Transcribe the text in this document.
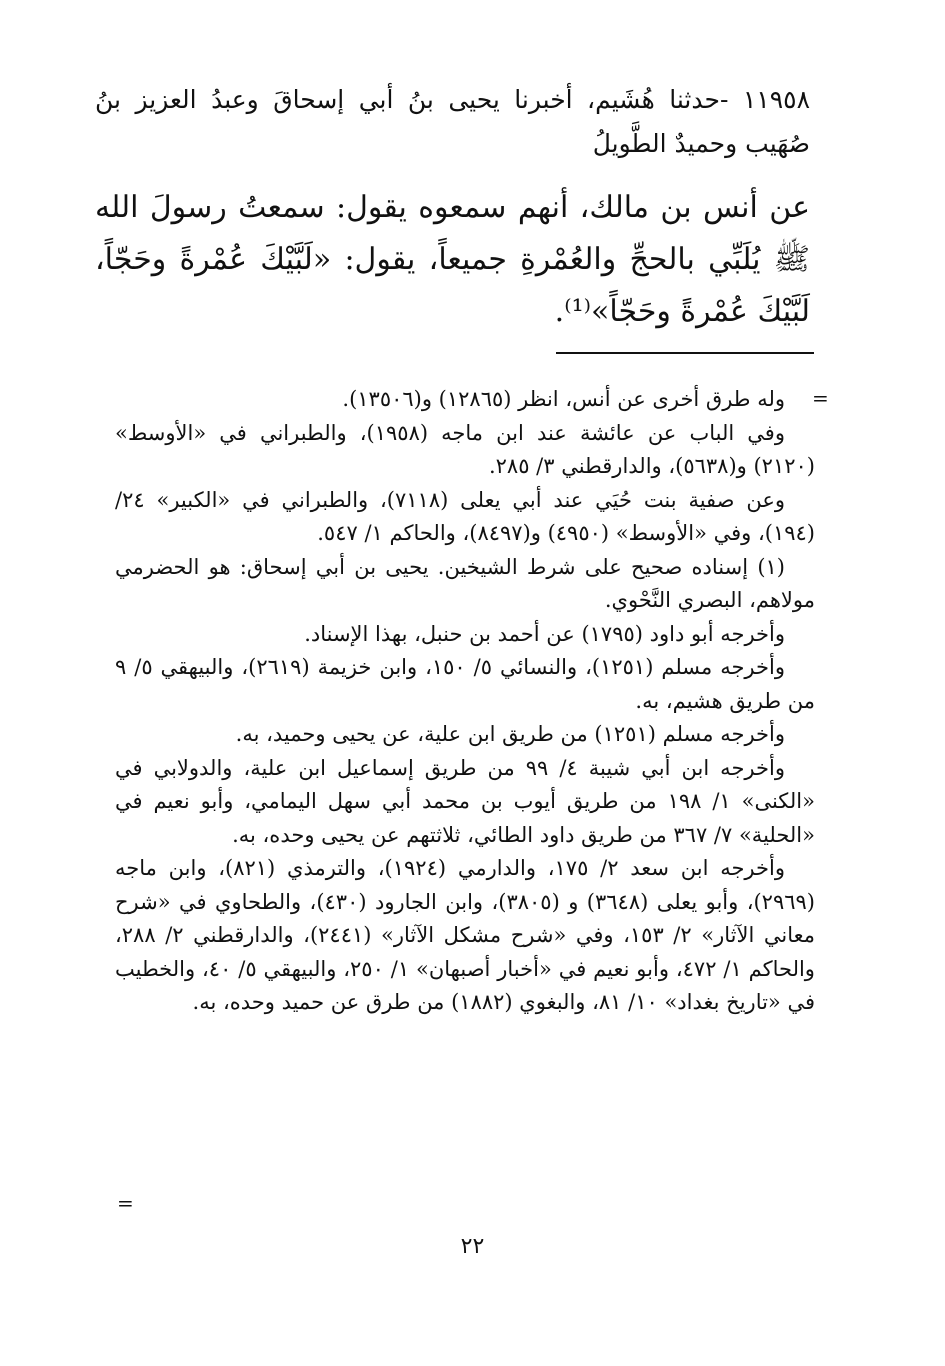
١١٩٥٨ -حدثنا هُشَيم، أخبرنا يحيى بنُ أبي إسحاقَ وعبدُ العزيز بنُ صُهَيب وحميدٌ الطَّويلُ
عن أنس بن مالك، أنهم سمعوه يقول: سمعتُ رسولَ الله ﷺ يُلَبِّي بالحجِّ والعُمْرةِ جميعاً، يقول: «لَبَّيْكَ عُمْرةً وحَجّاً، لَبَّيْكَ عُمْرةً وحَجّاً»⁽¹⁾.
=

وله طرق أخرى عن أنس، انظر (١٢٨٦٥) و(١٣٥٠٦).

وفي الباب عن عائشة عند ابن ماجه (١٩٥٨)، والطبراني في «الأوسط» (٢١٢٠) و(٥٦٣٨)، والدارقطني ٣/ ٢٨٥.

وعن صفية بنت حُيَي عند أبي يعلى (٧١١٨)، والطبراني في «الكبير» ٢٤/ (١٩٤)، وفي «الأوسط» (٤٩٥٠) و(٨٤٩٧)، والحاكم ١/ ٥٤٧.

(١) إسناده صحيح على شرط الشيخين. يحيى بن أبي إسحاق: هو الحضرمي مولاهم، البصري النَّحْوي.

وأخرجه أبو داود (١٧٩٥) عن أحمد بن حنبل، بهذا الإسناد.

وأخرجه مسلم (١٢٥١)، والنسائي ٥/ ١٥٠، وابن خزيمة (٢٦١٩)، والبيهقي ٥/ ٩ من طريق هشيم، به.

وأخرجه مسلم (١٢٥١) من طريق ابن علية، عن يحيى وحميد، به.

وأخرجه ابن أبي شيبة ٤/ ٩٩ من طريق إسماعيل ابن علية، والدولابي في «الكنى» ١/ ١٩٨ من طريق أيوب بن محمد أبي سهل اليمامي، وأبو نعيم في «الحلية» ٧/ ٣٦٧ من طريق داود الطائي، ثلاثتهم عن يحيى وحده، به.

وأخرجه ابن سعد ٢/ ١٧٥، والدارمي (١٩٢٤)، والترمذي (٨٢١)، وابن ماجه (٢٩٦٩)، وأبو يعلى (٣٦٤٨) و (٣٨٠٥)، وابن الجارود (٤٣٠)، والطحاوي في «شرح معاني الآثار» ٢/ ١٥٣، وفي «شرح مشكل الآثار» (٢٤٤١)، والدارقطني ٢/ ٢٨٨، والحاكم ١/ ٤٧٢، وأبو نعيم في «أخبار أصبهان» ١/ ٢٥٠، والبيهقي ٥/ ٤٠، والخطيب في «تاريخ بغداد» ١٠/ ٨١، والبغوي (١٨٨٢) من طرق عن حميد وحده، به.

=
٢٢
